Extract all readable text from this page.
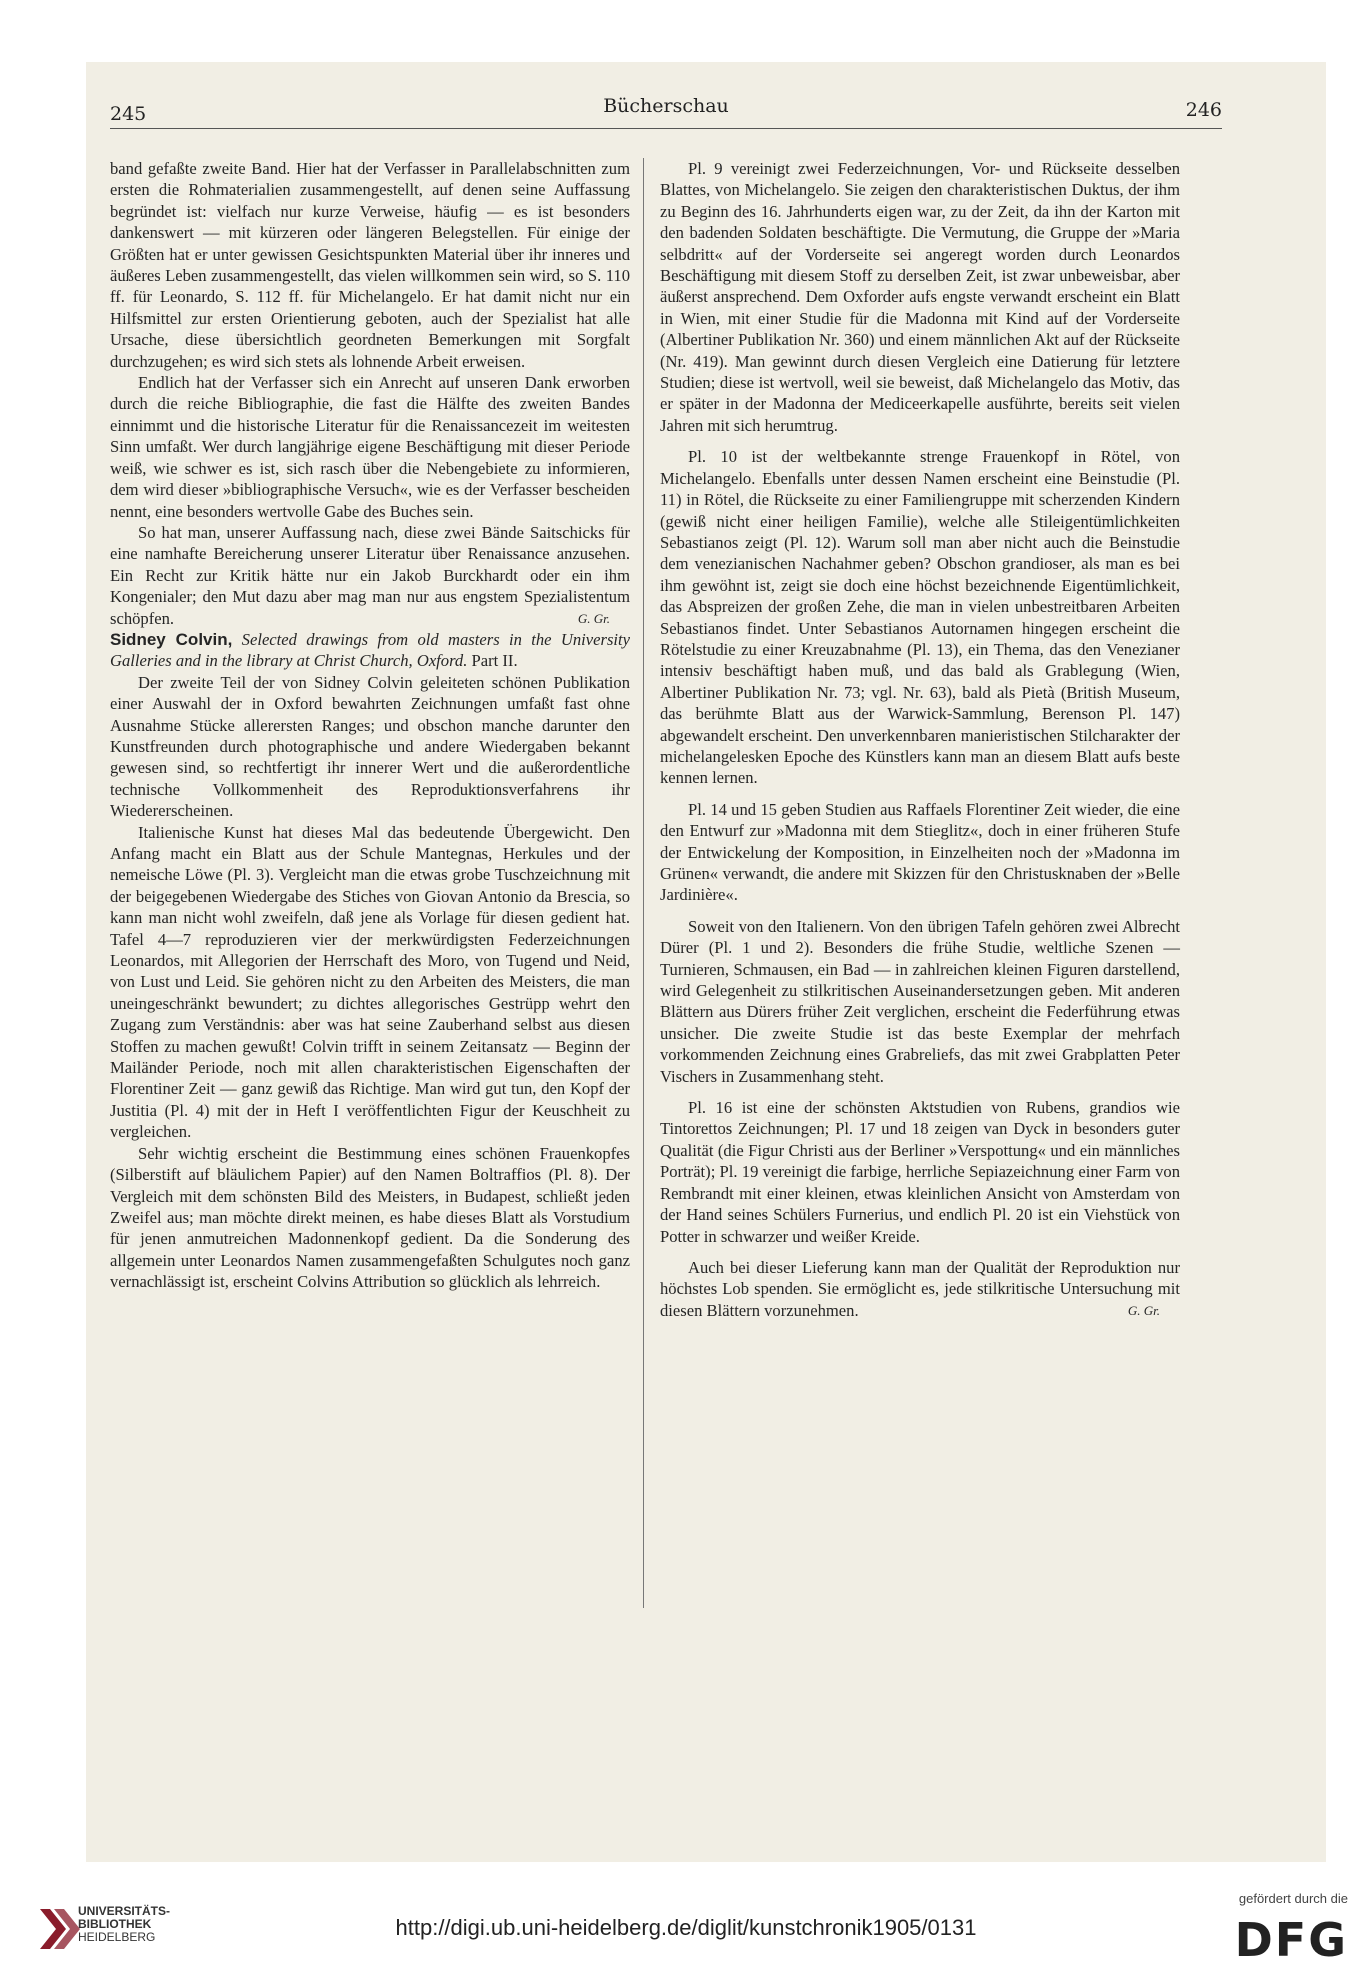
245	Bücherschau	246

band gefaßte zweite Band. Hier hat der Verfasser in Parallelabschnitten zum ersten die Rohmaterialien zusammengestellt, auf denen seine Auffassung begründet ist: vielfach nur kurze Verweise, häufig — es ist besonders dankenswert — mit kürzeren oder längeren Belegstellen. Für einige der Größten hat er unter gewissen Gesichtspunkten Material über ihr inneres und äußeres Leben zusammengestellt, das vielen willkommen sein wird, so S. 110 ff. für Leonardo, S. 112 ff. für Michelangelo. Er hat damit nicht nur ein Hilfsmittel zur ersten Orientierung geboten, auch der Spezialist hat alle Ursache, diese übersichtlich geordneten Bemerkungen mit Sorgfalt durchzugehen; es wird sich stets als lohnende Arbeit erweisen.

Endlich hat der Verfasser sich ein Anrecht auf unseren Dank erworben durch die reiche Bibliographie, die fast die Hälfte des zweiten Bandes einnimmt und die historische Literatur für die Renaissancezeit im weitesten Sinn umfaßt. Wer durch langjährige eigene Beschäftigung mit dieser Periode weiß, wie schwer es ist, sich rasch über die Nebengebiete zu informieren, dem wird dieser »bibliographische Versuch«, wie es der Verfasser bescheiden nennt, eine besonders wertvolle Gabe des Buches sein.

So hat man, unserer Auffassung nach, diese zwei Bände Saitschicks für eine namhafte Bereicherung unserer Literatur über Renaissance anzusehen. Ein Recht zur Kritik hätte nur ein Jakob Burckhardt oder ein ihm Kongenialer; den Mut dazu aber mag man nur aus engstem Spezialistentum schöpfen.	G. Gr.

Sidney Colvin, Selected drawings from old masters in the University Galleries and in the library at Christ Church, Oxford. Part II.

Der zweite Teil der von Sidney Colvin geleiteten schönen Publikation einer Auswahl der in Oxford bewahrten Zeichnungen umfaßt fast ohne Ausnahme Stücke allerersten Ranges; und obschon manche darunter den Kunstfreunden durch photographische und andere Wiedergaben bekannt gewesen sind, so rechtfertigt ihr innerer Wert und die außerordentliche technische Vollkommenheit des Reproduktionsverfahrens ihr Wiedererscheinen.

Italienische Kunst hat dieses Mal das bedeutende Übergewicht. Den Anfang macht ein Blatt aus der Schule Mantegnas, Herkules und der nemeische Löwe (Pl. 3). Vergleicht man die etwas grobe Tuschzeichnung mit der beigegebenen Wiedergabe des Stiches von Giovan Antonio da Brescia, so kann man nicht wohl zweifeln, daß jene als Vorlage für diesen gedient hat. Tafel 4—7 reproduzieren vier der merkwürdigsten Federzeichnungen Leonardos, mit Allegorien der Herrschaft des Moro, von Tugend und Neid, von Lust und Leid. Sie gehören nicht zu den Arbeiten des Meisters, die man uneingeschränkt bewundert; zu dichtes allegorisches Gestrüpp wehrt den Zugang zum Verständnis: aber was hat seine Zauberhand selbst aus diesen Stoffen zu machen gewußt! Colvin trifft in seinem Zeitansatz — Beginn der Mailänder Periode, noch mit allen charakteristischen Eigenschaften der Florentiner Zeit — ganz gewiß das Richtige. Man wird gut tun, den Kopf der Justitia (Pl. 4) mit der in Heft I veröffentlichten Figur der Keuschheit zu vergleichen.

Sehr wichtig erscheint die Bestimmung eines schönen Frauenkopfes (Silberstift auf bläulichem Papier) auf den Namen Boltraffios (Pl. 8). Der Vergleich mit dem schönsten Bild des Meisters, in Budapest, schließt jeden Zweifel aus; man möchte direkt meinen, es habe dieses Blatt als Vorstudium für jenen anmutreichen Madonnenkopf gedient. Da die Sonderung des allgemein unter Leonardos Namen zusammengefaßten Schulgutes noch ganz vernachlässigt ist, erscheint Colvins Attribution so glücklich als lehrreich.

Pl. 9 vereinigt zwei Federzeichnungen, Vor- und Rückseite desselben Blattes, von Michelangelo. Sie zeigen den charakteristischen Duktus, der ihm zu Beginn des 16. Jahrhunderts eigen war, zu der Zeit, da ihn der Karton mit den badenden Soldaten beschäftigte. Die Vermutung, die Gruppe der »Maria selbdritt« auf der Vorderseite sei angeregt worden durch Leonardos Beschäftigung mit diesem Stoff zu derselben Zeit, ist zwar unbeweisbar, aber äußerst ansprechend. Dem Oxforder aufs engste verwandt erscheint ein Blatt in Wien, mit einer Studie für die Madonna mit Kind auf der Vorderseite (Albertiner Publikation Nr. 360) und einem männlichen Akt auf der Rückseite (Nr. 419). Man gewinnt durch diesen Vergleich eine Datierung für letztere Studien; diese ist wertvoll, weil sie beweist, daß Michelangelo das Motiv, das er später in der Madonna der Mediceerkapelle ausführte, bereits seit vielen Jahren mit sich herumtrug.

Pl. 10 ist der weltbekannte strenge Frauenkopf in Rötel, von Michelangelo. Ebenfalls unter dessen Namen erscheint eine Beinstudie (Pl. 11) in Rötel, die Rückseite zu einer Familiengruppe mit scherzenden Kindern (gewiß nicht einer heiligen Familie), welche alle Stileigentümlichkeiten Sebastianos zeigt (Pl. 12). Warum soll man aber nicht auch die Beinstudie dem venezianischen Nachahmer geben? Obschon grandioser, als man es bei ihm gewöhnt ist, zeigt sie doch eine höchst bezeichnende Eigentümlichkeit, das Abspreizen der großen Zehe, die man in vielen unbestreitbaren Arbeiten Sebastianos findet. Unter Sebastianos Autornamen hingegen erscheint die Rötelstudie zu einer Kreuzabnahme (Pl. 13), ein Thema, das den Venezianer intensiv beschäftigt haben muß, und das bald als Grablegung (Wien, Albertiner Publikation Nr. 73; vgl. Nr. 63), bald als Pietà (British Museum, das berühmte Blatt aus der Warwick-Sammlung, Berenson Pl. 147) abgewandelt erscheint. Den unverkennbaren manieristischen Stilcharakter der michelangelesken Epoche des Künstlers kann man an diesem Blatt aufs beste kennen lernen.

Pl. 14 und 15 geben Studien aus Raffaels Florentiner Zeit wieder, die eine den Entwurf zur »Madonna mit dem Stieglitz«, doch in einer früheren Stufe der Entwickelung der Komposition, in Einzelheiten noch der »Madonna im Grünen« verwandt, die andere mit Skizzen für den Christusknaben der »Belle Jardinière«.

Soweit von den Italienern. Von den übrigen Tafeln gehören zwei Albrecht Dürer (Pl. 1 und 2). Besonders die frühe Studie, weltliche Szenen — Turnieren, Schmausen, ein Bad — in zahlreichen kleinen Figuren darstellend, wird Gelegenheit zu stilkritischen Auseinandersetzungen geben. Mit anderen Blättern aus Dürers früher Zeit verglichen, erscheint die Federführung etwas unsicher. Die zweite Studie ist das beste Exemplar der mehrfach vorkommenden Zeichnung eines Grabreliefs, das mit zwei Grabplatten Peter Vischers in Zusammenhang steht.

Pl. 16 ist eine der schönsten Aktstudien von Rubens, grandios wie Tintorettos Zeichnungen; Pl. 17 und 18 zeigen van Dyck in besonders guter Qualität (die Figur Christi aus der Berliner »Verspottung« und ein männliches Porträt); Pl. 19 vereinigt die farbige, herrliche Sepiazeichnung einer Farm von Rembrandt mit einer kleinen, etwas kleinlichen Ansicht von Amsterdam von der Hand seines Schülers Furnerius, und endlich Pl. 20 ist ein Viehstück von Potter in schwarzer und weißer Kreide.

Auch bei dieser Lieferung kann man der Qualität der Reproduktion nur höchstes Lob spenden. Sie ermöglicht es, jede stilkritische Untersuchung mit diesen Blättern vorzunehmen.	G. Gr.

UNIVERSITÄTS-
BIBLIOTHEK
HEIDELBERG	http://digi.ub.uni-heidelberg.de/diglit/kunstchronik1905/0131
gefördert durch die
DFG
